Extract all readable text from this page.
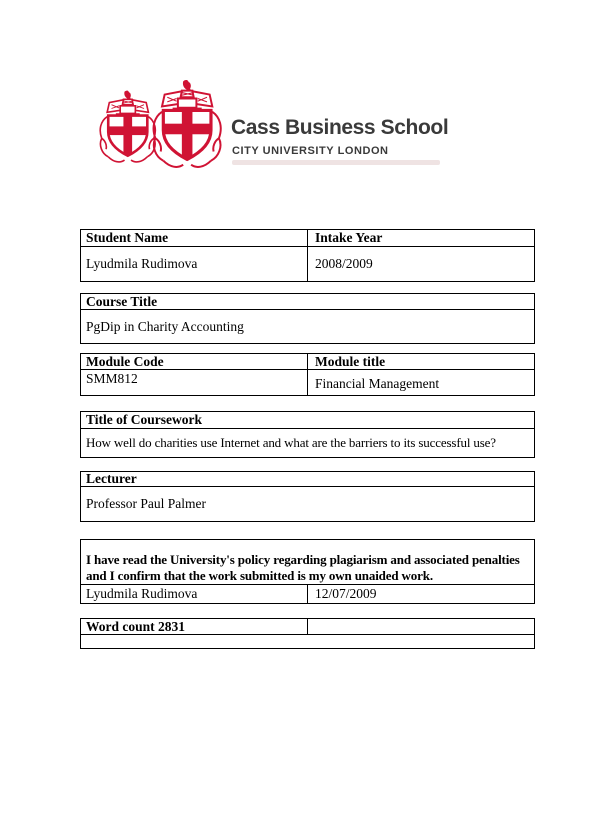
Cass Business School
CITY UNIVERSITY LONDON
Student Name	Intake Year
Lyudmila Rudimova	2008/2009
Course Title
PgDip in Charity Accounting
Module Code	Module title
SMM812	Financial Management
Title of Coursework
How well do charities use Internet and what are the barriers to its successful use?
Lecturer
Professor Paul Palmer
I have read the University's policy regarding plagiarism and associated penalties
and I confirm that the work submitted is my own unaided work.
Lyudmila Rudimova	12/07/2009
Word count 2831
